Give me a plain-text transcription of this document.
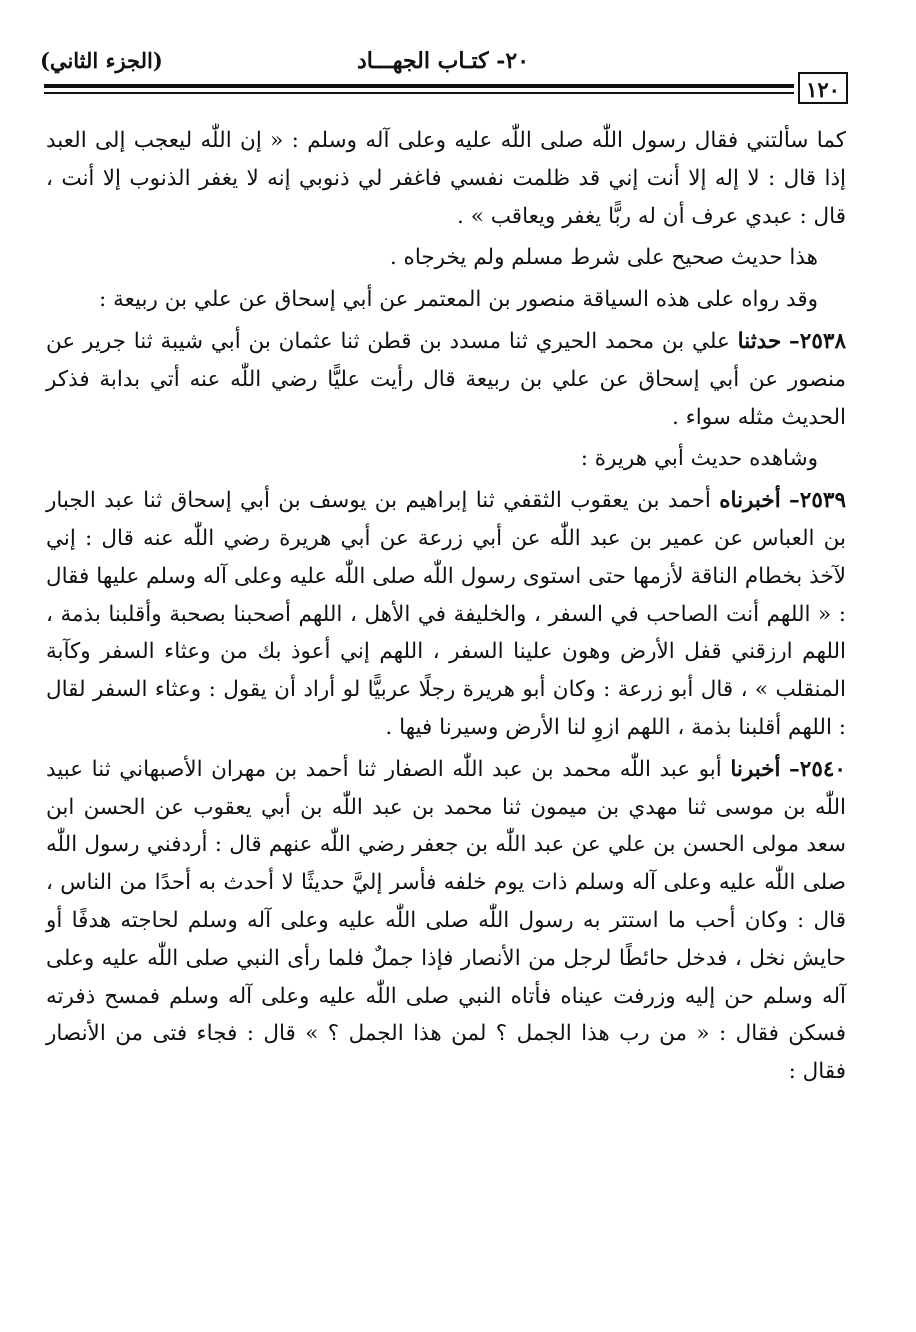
٢٠- كتـاب الجهـــاد
(الجزء الثاني)
١٢٠

كما سألتني فقال رسول اللّٰه صلى اللّٰه عليه وعلى آله وسلم : « إن اللّٰه ليعجب إلى العبد إذا قال : لا إله إلا أنت إني قد ظلمت نفسي فاغفر لي ذنوبي إنه لا يغفر الذنوب إلا أنت ، قال : عبدي عرف أن له ربًّا يغفر ويعاقب » .

هذا حديث صحيح على شرط مسلم ولم يخرجاه .

وقد رواه على هذه السياقة منصور بن المعتمر عن أبي إسحاق عن علي بن ربيعة :

٢٥٣٨– حدثنا علي بن محمد الحيري ثنا مسدد بن قطن ثنا عثمان بن أبي شيبة ثنا جرير عن منصور عن أبي إسحاق عن علي بن ربيعة قال رأيت عليًّا رضي اللّٰه عنه أتي بدابة فذكر الحديث مثله سواء .

وشاهده حديث أبي هريرة :

٢٥٣٩– أخبرناه أحمد بن يعقوب الثقفي ثنا إبراهيم بن يوسف بن أبي إسحاق ثنا عبد الجبار بن العباس عن عمير بن عبد اللّٰه عن أبي زرعة عن أبي هريرة رضي اللّٰه عنه قال : إني لآخذ بخطام الناقة لأزمها حتى استوى رسول اللّٰه صلى اللّٰه عليه وعلى آله وسلم عليها فقال : « اللهم أنت الصاحب في السفر ، والخليفة في الأهل ، اللهم أصحبنا بصحبة وأقلبنا بذمة ، اللهم ارزقني قفل الأرض وهون علينا السفر ، اللهم إني أعوذ بك من وعثاء السفر وكآبة المنقلب » ، قال أبو زرعة : وكان أبو هريرة رجلًا عربيًّا لو أراد أن يقول : وعثاء السفر لقال : اللهم أقلبنا بذمة ، اللهم ازوِ لنا الأرض وسيرنا فيها .

٢٥٤٠– أخبرنا أبو عبد اللّٰه محمد بن عبد اللّٰه الصفار ثنا أحمد بن مهران الأصبهاني ثنا عبيد اللّٰه بن موسى ثنا مهدي بن ميمون ثنا محمد بن عبد اللّٰه بن أبي يعقوب عن الحسن ابن سعد مولى الحسن بن علي عن عبد اللّٰه بن جعفر رضي اللّٰه عنهم قال : أردفني رسول اللّٰه صلى اللّٰه عليه وعلى آله وسلم ذات يوم خلفه فأسر إليَّ حديثًا لا أحدث به أحدًا من الناس ، قال : وكان أحب ما استتر به رسول اللّٰه صلى اللّٰه عليه وعلى آله وسلم لحاجته هدفًا أو حايش نخل ، فدخل حائطًا لرجل من الأنصار فإذا جملٌ فلما رأى النبي صلى اللّٰه عليه وعلى آله وسلم حن إليه وزرفت عيناه فأتاه النبي صلى اللّٰه عليه وعلى آله وسلم فمسح ذفرته فسكن فقال : « من رب هذا الجمل ؟ لمن هذا الجمل ؟ » قال : فجاء فتى من الأنصار فقال :
